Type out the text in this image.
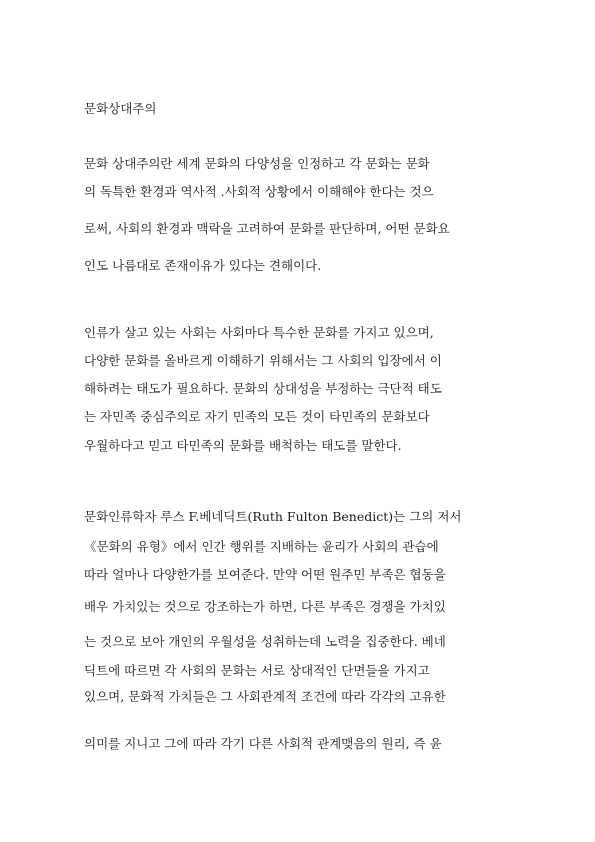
문화상대주의
문화 상대주의란 세계 문화의 다양성을 인정하고 각 문화는 문화
의 독특한 환경과 역사적 .사회적 상황에서 이해해야 한다는 것으
로써, 사회의 환경과 맥락을 고려하여 문화를 판단하며, 어떤 문화요
인도 나름대로 존재이유가 있다는 견해이다.
인류가 살고 있는 사회는 사회마다 특수한 문화를 가지고 있으며,
다양한 문화를 올바르게 이해하기 위해서는 그 사회의 입장에서 이
해하려는 태도가 필요하다. 문화의 상대성을 부정하는 극단적 태도
는 자민족 중심주의로 자기 민족의 모든 것이 타민족의 문화보다
우월하다고 믿고 타민족의 문화를 배척하는 태도를 말한다.
문화인류학자 루스 F.베네딕트(Ruth Fulton Benedict)는 그의 저서
《문화의 유형》에서 인간 행위를 지배하는 윤리가 사회의 관습에
따라 얼마나 다양한가를 보여준다. 만약 어떤 원주민 부족은 협동을
배우 가치있는 것으로 강조하는가 하면, 다른 부족은 경쟁을 가치있
는 것으로 보아 개인의 우월성을 성취하는데 노력을 집중한다. 베네
딕트에 따르면 각 사회의 문화는 서로 상대적인 단면들을 가지고
있으며, 문화적 가치들은 그 사회관계적 조건에 따라 각각의 고유한
의미를 지니고 그에 따라 각기 다른 사회적 관계맺음의 원리, 즉 윤
